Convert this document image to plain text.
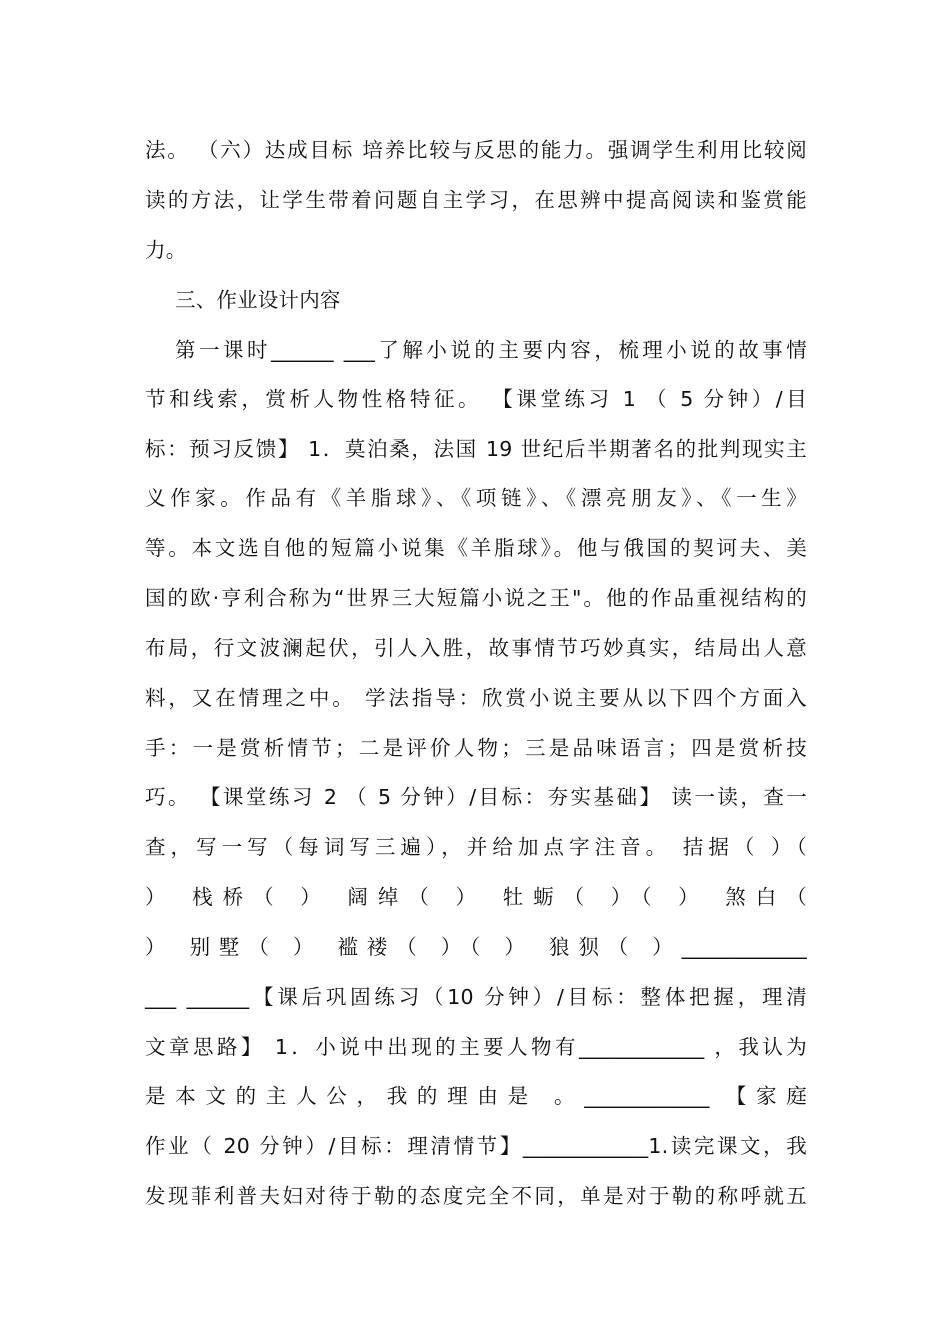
法。 （六）达成目标 培养比较与反思的能力。强调学生利用比较阅
读的方法，让学生带着问题自主学习，在思辨中提高阅读和鉴赏能
力。
三、作业设计内容
第一课时______ ___了解小说的主要内容，梳理小说的故事情
节和线索，赏析人物性格特征。 【课堂练习 1 （ 5 分钟）/目
标：预习反馈】 1．莫泊桑，法国 19 世纪后半期著名的批判现实主
义作家。作品有《羊脂球》、《项链》、《漂亮朋友》、《一生》
等。本文选自他的短篇小说集《羊脂球》。他与俄国的契诃夫、美
国的欧·亨利合称为“世界三大短篇小说之王"。他的作品重视结构的
布局，行文波澜起伏，引人入胜，故事情节巧妙真实，结局出人意
料，又在情理之中。 学法指导：欣赏小说主要从以下四个方面入
手：一是赏析情节；二是评价人物；三是品味语言；四是赏析技
巧。 【课堂练习 2 （ 5 分钟）/目标：夯实基础】 读一读，查一
查，写一写（每词写三遍），并给加点字注音。 拮据（ ）（
） 栈桥（ ） 阔绰（ ） 牡蛎（ ）（ ） 煞白（
） 别墅（ ） 褴褛（ ）（ ） 狼狈（ ）____________
___ ______【课后巩固练习（10 分钟）/目标：整体把握，理清
文章思路】 1．小说中出现的主要人物有____________ ，我认为
是本文的主人公，我的理由是 。____________ 【家庭
作业（ 20 分钟）/目标：理清情节】____________1.读完课文，我
发现菲利普夫妇对待于勒的态度完全不同，单是对于勒的称呼就五
